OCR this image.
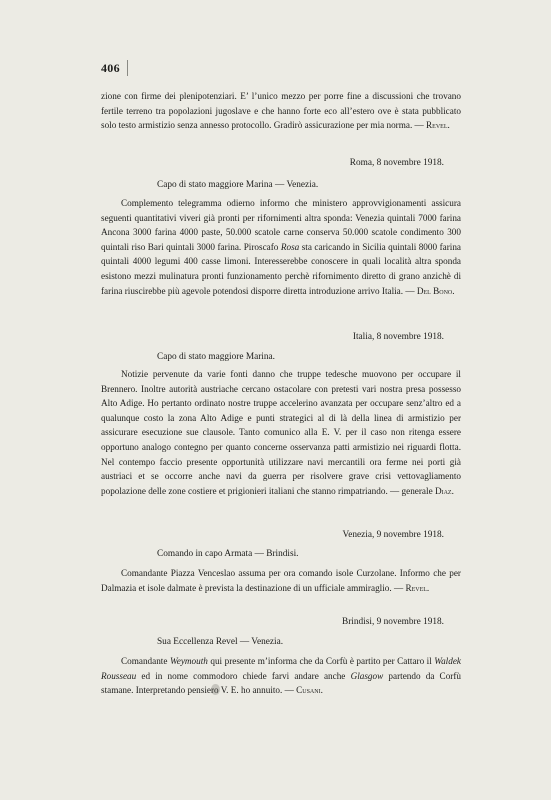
406

zione con firme dei plenipotenziari. E’ l’unico mezzo per porre fine a discussioni che trovano fertile terreno tra popolazioni jugoslave e che hanno forte eco all’estero ove è stata pubblicato solo testo armistizio senza annesso protocollo. Gradirò assicurazione per mia norma. — Revel.

Roma, 8 novembre 1918.
Capo di stato maggiore Marina — Venezia.

Complemento telegramma odierno informo che ministero approvvigionamenti assicura seguenti quantitativi viveri già pronti per rifornimenti altra sponda: Venezia quintali 7000 farina Ancona 3000 farina 4000 paste, 50.000 scatole carne conserva 50.000 scatole condimento 300 quintali riso Bari quintali 3000 farina. Piroscafo Rosa sta caricando in Sicilia quintali 8000 farina quintali 4000 legumi 400 casse limoni. Interesserebbe conoscere in quali località altra sponda esistono mezzi mulinatura pronti funzionamento perchè rifornimento diretto di grano anzichè di farina riuscirebbe più agevole potendosi disporre diretta introduzione arrivo Italia. — Del Bono.

Italia, 8 novembre 1918.
Capo di stato maggiore Marina.

Notizie pervenute da varie fonti danno che truppe tedesche muovono per occupare il Brennero. Inoltre autorità austriache cercano ostacolare con pretesti vari nostra presa possesso Alto Adige. Ho pertanto ordinato nostre truppe accelerino avanzata per occupare senz’altro ed a qualunque costo la zona Alto Adige e punti strategici al di là della linea di armistizio per assicurare esecuzione sue clausole. Tanto comunico alla E. V. per il caso non ritenga essere opportuno analogo contegno per quanto concerne osservanza patti armistizio nei riguardi flotta. Nel contempo faccio presente opportunità utilizzare navi mercantili ora ferme nei porti già austriaci et se occorre anche navi da guerra per risolvere grave crisi vettovagliamento popolazione delle zone costiere et prigionieri italiani che stanno rimpatriando. — generale Diaz.

Venezia, 9 novembre 1918.
Comando in capo Armata — Brindisi.

Comandante Piazza Venceslao assuma per ora comando isole Curzolane. Informo che per Dalmazia et isole dalmate è prevista la destinazione di un ufficiale ammiraglio. — Revel.

Brindisi, 9 novembre 1918.
Sua Eccellenza Revel — Venezia.

Comandante Weymouth qui presente m’informa che da Corfù è partito per Cattaro il Waldek Rousseau ed in nome commodoro chiede farvi andare anche Glasgow partendo da Corfù stamane. Interpretando pensiero V. E. ho annuito. — Cusani.
